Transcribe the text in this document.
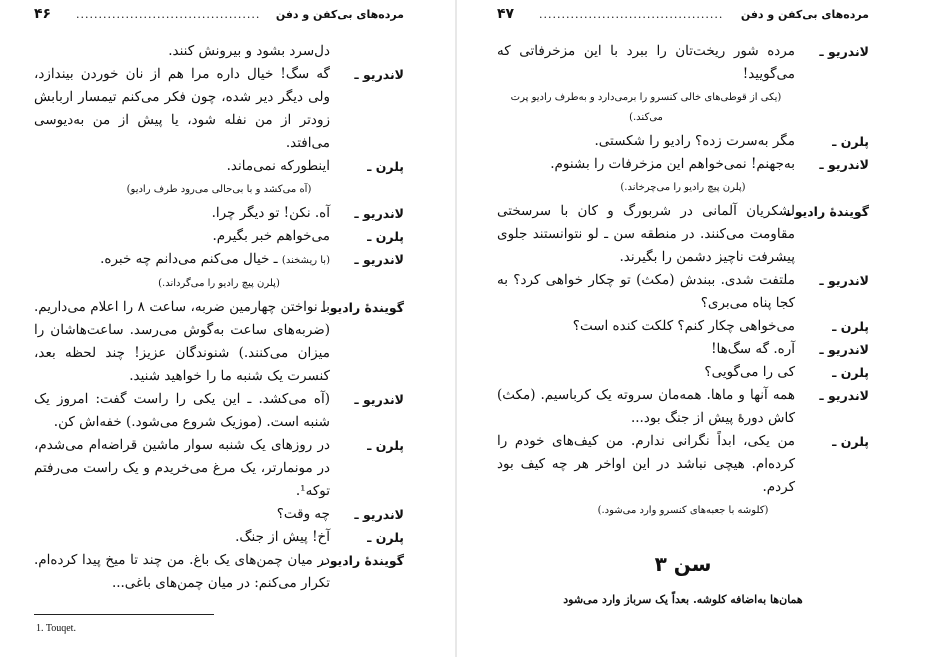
مرده‌های بی‌کفن و دفن
.........................................
۴۶
دل‌سرد بشود و بیرونش کنند.
لاندریو ـ
گه سگ! خیال داره مرا هم از نان خوردن بیندازد، ولی دیگر دیر شده، چون فکر می‌کنم تیمسار اربابش زودتر از من نفله شود، یا پیش از من به‌دیوسی می‌افتد.
پلرن ـ
اینطورکه نمی‌ماند.
(آه می‌کشد و با بی‌حالی می‌رود طرف رادیو)
لاندریو ـ
آه. نکن! تو دیگر چرا.
پلرن ـ
می‌خواهم خبر بگیرم.
لاندریو ـ
(با ریشخند) ـ خیال می‌کنم می‌دانم چه خبره.
(پلرن پیچ رادیو را می‌گرداند.)
گویندهٔ رادیو ـ
با نواختن چهارمین ضربه، ساعت ۸ را اعلام می‌داریم. (ضربه‌های ساعت به‌گوش می‌رسد. ساعت‌هاشان را میزان می‌کنند.) شنوندگان عزیز! چند لحظه بعد، کنسرت یک شنبه ما را خواهید شنید.
لاندریو ـ
(آه می‌کشد. ـ این یکی را راست گفت: امروز یک شنبه است. (موزیک شروع می‌شود.) خفه‌اش کن.
پلرن ـ
در روزهای یک شنبه سوار ماشین قراضه‌ام می‌شدم، در مونمارتر، یک مرغ می‌خریدم و یک راست می‌رفتم توکه¹.
لاندریو ـ
چه وقت؟
پلرن ـ
آخ! پیش از جنگ.
گویندهٔ رادیو ـ
در میان چمن‌های یک باغ. من چند تا میخ پیدا کرده‌ام. تکرار می‌کنم: در میان چمن‌های باغی...
1. Touqet.
مرده‌های بی‌کفن و دفن
.........................................
۴۷
لاندریو ـ
مرده شور ریخت‌تان را ببرد با این مزخرفاتی که می‌گویید!
(یکی از قوطی‌های خالی کنسرو را برمی‌دارد و به‌طرف رادیو پرت می‌کند.)
پلرن ـ
مگر به‌سرت زده؟ رادیو را شکستی.
لاندریو ـ
به‌جهنم! نمی‌خواهم این مزخرفات را بشنوم.
(پلرن پیچ رادیو را می‌چرخاند.)
گویندهٔ رادیو ـ
لشکریان آلمانی در شربورگ و کان با سرسختی مقاومت می‌کنند. در منطقه سن ـ لو نتوانستند جلوی پیشرفت ناچیز دشمن را بگیرند.
لاندریو ـ
ملتفت شدی. ببندش (مکث) تو چکار خواهی کرد؟ به کجا پناه می‌بری؟
پلرن ـ
می‌خواهی چکار کنم؟ کلکت کنده است؟
لاندریو ـ
آره. گه سگ‌ها!
پلرن ـ
کی را می‌گویی؟
لاندریو ـ
همه آنها و ماها. همه‌مان سروته یک کرباسیم. (مکث) کاش دورهٔ پیش از جنگ بود...
پلرن ـ
من یکی، ابداً نگرانی ندارم. من کیف‌های خودم را کرده‌ام. هیچی نباشد در این اواخر هر چه کیف بود کردم.
(کلوشه با جعبه‌های کنسرو وارد می‌شود.)
سن ۳
همان‌ها به‌اضافه کلوشه. بعداً یک سرباز وارد می‌شود
